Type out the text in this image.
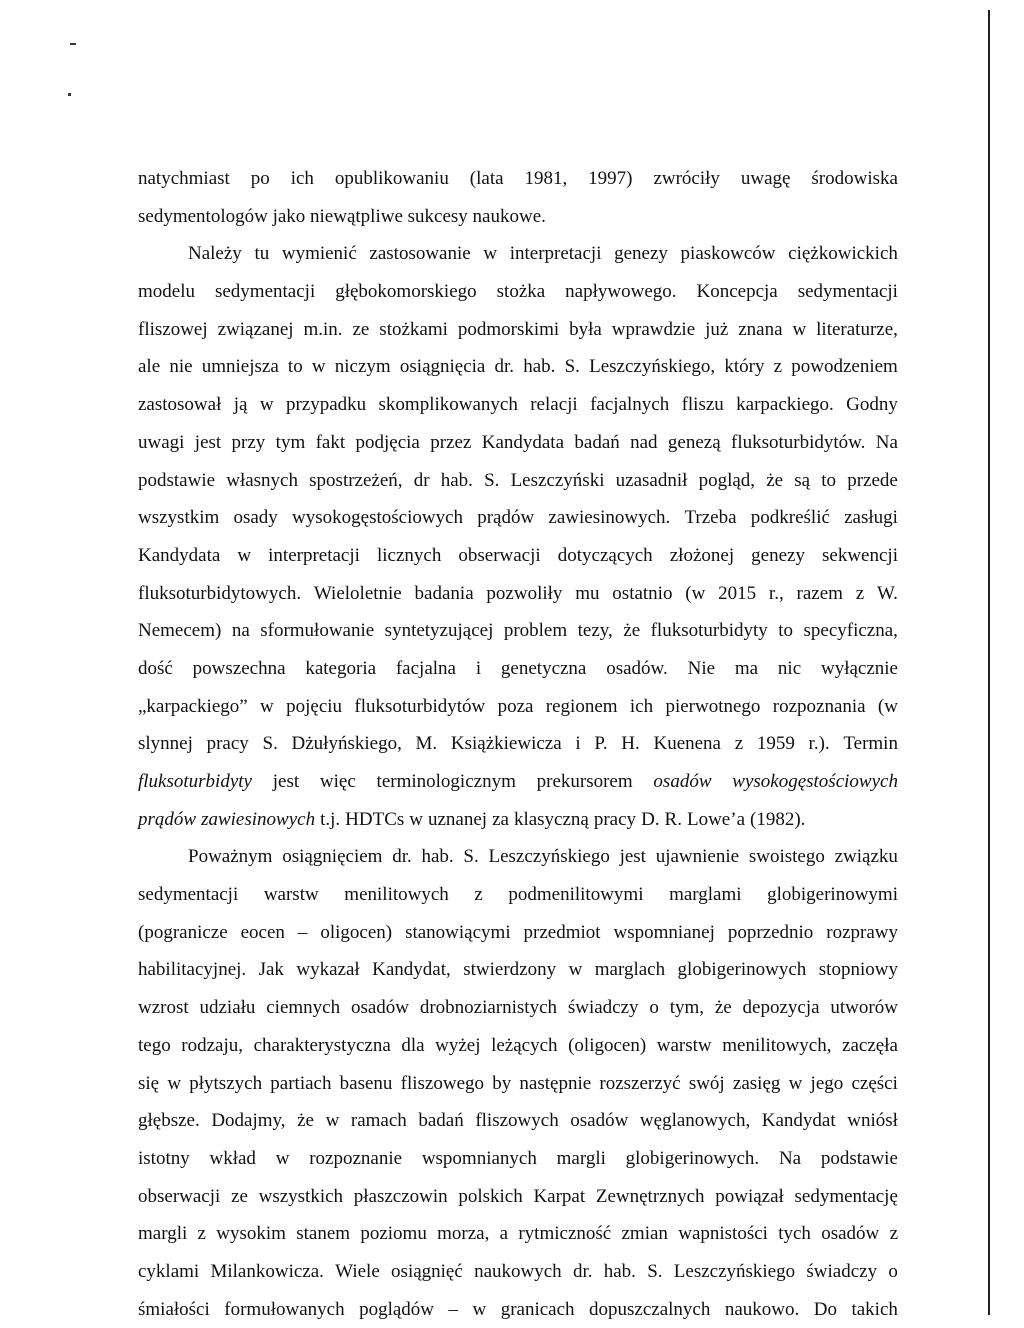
natychmiast po ich opublikowaniu (lata 1981, 1997) zwróciły uwagę środowiska
sedymentologów jako niewątpliwe sukcesy naukowe.
Należy tu wymienić zastosowanie w interpretacji genezy piaskowców ciężkowickich
modelu sedymentacji głębokomorskiego stożka napływowego. Koncepcja sedymentacji
fliszowej związanej m.in. ze stożkami podmorskimi była wprawdzie już znana w literaturze,
ale nie umniejsza to w niczym osiągnięcia dr. hab. S. Leszczyńskiego, który z powodzeniem
zastosował ją w przypadku skomplikowanych relacji facjalnych fliszu karpackiego. Godny
uwagi jest przy tym fakt podjęcia przez Kandydata badań nad genezą fluksoturbidytów. Na
podstawie własnych spostrzeżeń, dr hab. S. Leszczyński uzasadnił pogląd, że są to przede
wszystkim osady wysokogęstościowych prądów zawiesinowych. Trzeba podkreślić zasługi
Kandydata w interpretacji licznych obserwacji dotyczących złożonej genezy sekwencji
fluksoturbidytowych. Wieloletnie badania pozwoliły mu ostatnio (w 2015 r., razem z W.
Nemecem) na sformułowanie syntetyzującej problem tezy, że fluksoturbidyty to specyficzna,
dość powszechna kategoria facjalna i genetyczna osadów. Nie ma nic wyłącznie
„karpackiego” w pojęciu fluksoturbidytów poza regionem ich pierwotnego rozpoznania (w
slynnej pracy S. Dżułyńskiego, M. Książkiewicza i P. H. Kuenena z 1959 r.). Termin
fluksoturbidyty jest więc terminologicznym prekursorem osadów wysokogęstościowych
prądów zawiesinowych t.j. HDTCs w uznanej za klasyczną pracy D. R. Lowe’a (1982).
Poważnym osiągnięciem dr. hab. S. Leszczyńskiego jest ujawnienie swoistego związku
sedymentacji warstw menilitowych z podmenilitowymi marglami globigerinowymi
(pogranicze eocen – oligocen) stanowiącymi przedmiot wspomnianej poprzednio rozprawy
habilitacyjnej. Jak wykazał Kandydat, stwierdzony w marglach globigerinowych stopniowy
wzrost udziału ciemnych osadów drobnoziarnistych świadczy o tym, że depozycja utworów
tego rodzaju, charakterystyczna dla wyżej leżących (oligocen) warstw menilitowych, zaczęła
się w płytszych partiach basenu fliszowego by następnie rozszerzyć swój zasięg w jego części
głębsze. Dodajmy, że w ramach badań fliszowych osadów węglanowych, Kandydat wniósł
istotny wkład w rozpoznanie wspomnianych margli globigerinowych. Na podstawie
obserwacji ze wszystkich płaszczowin polskich Karpat Zewnętrznych powiązał sedymentację
margli z wysokim stanem poziomu morza, a rytmiczność zmian wapnistości tych osadów z
cyklami Milankowicza. Wiele osiągnięć naukowych dr. hab. S. Leszczyńskiego świadczy o
śmiałości formułowanych poglądów – w granicach dopuszczalnych naukowo. Do takich
